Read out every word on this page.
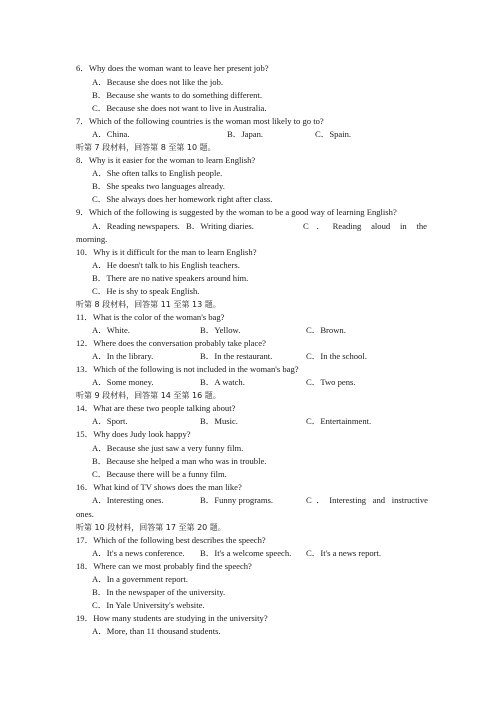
6．Why does the woman want to leave her present job?
A．Because she does not like the job.
B．Because she wants to do something different.
C．Because she does not want to live in Australia.
7．Which of the following countries is the woman most likely to go to?
A．China.	B．Japan.	C．Spain.
听第 7 段材料，回答第 8 至第 10 题。
8．Why is it easier for the woman to learn English?
A．She often talks to English people.
B．She speaks two languages already.
C．She always does her homework right after class.
9．Which of the following is suggested by the woman to be a good way of learning English?
A．Reading newspapers. B．Writing diaries.	C．Reading aloud in the
morning.
10．Why is it difficult for the man to learn English?
A．He doesn't talk to his English teachers.
B．There are no native speakers around him.
C．He is shy to speak English.
听第 8 段材料，回答第 11 至第 13 题。
11．What is the color of the woman's bag?
A．White.	B．Yellow.	C．Brown.
12．Where does the conversation probably take place?
A．In the library.	B．In the restaurant.	C．In the school.
13．Which of the following is not included in the woman's bag?
A．Some money.	B．A watch.	C．Two pens.
听第 9 段材料，回答第 14 至第 16 题。
14．What are these two people talking about?
A．Sport.	B．Music.	C．Entertainment.
15．Why does Judy look happy?
A．Because she just saw a very funny film.
B．Because she helped a man who was in trouble.
C．Because there will be a funny film.
16．What kind of TV shows does the man like?
A．Interesting ones.	B．Funny programs.	C．Interesting and instructive
ones.
听第 10 段材料，回答第 17 至第 20 题。
17．Which of the following best describes the speech?
A．It's a news conference. B．It's a welcome speech. C．It's a news report.
18．Where can we most probably find the speech?
A．In a government report.
B．In the newspaper of the university.
C．In Yale University's website.
19．How many students are studying in the university?
A．More, than 11 thousand students.
